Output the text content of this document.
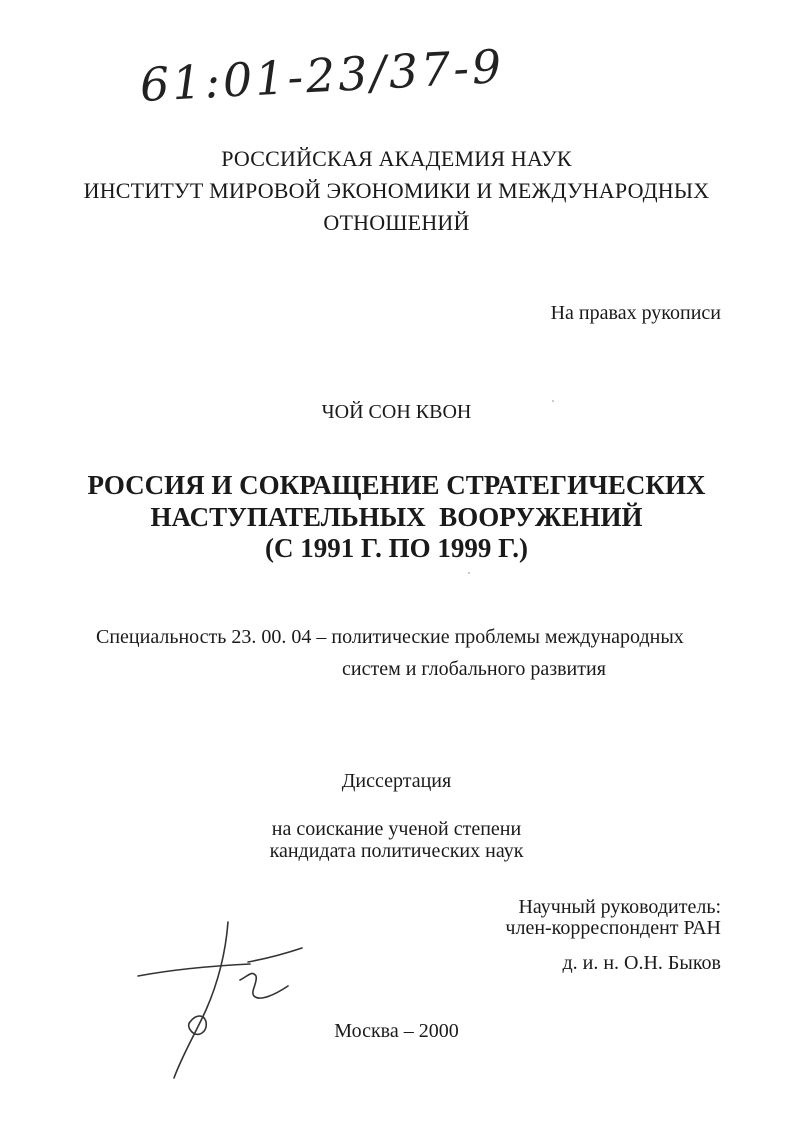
61:01-23/37-9
РОССИЙСКАЯ АКАДЕМИЯ НАУК
ИНСТИТУТ МИРОВОЙ ЭКОНОМИКИ И МЕЖДУНАРОДНЫХ
ОТНОШЕНИЙ
На правах рукописи
ЧОЙ СОН КВОН
РОССИЯ И СОКРАЩЕНИЕ СТРАТЕГИЧЕСКИХ
НАСТУПАТЕЛЬНЫХ  ВООРУЖЕНИЙ
(С 1991 Г. ПО 1999 Г.)
Специальность 23. 00. 04 – политические проблемы международных
систем и глобального развития
Диссертация
на соискание ученой степени
кандидата политических наук
Научный руководитель:
член-корреспондент РАН
д. и. н. О.Н. Быков
Москва – 2000
